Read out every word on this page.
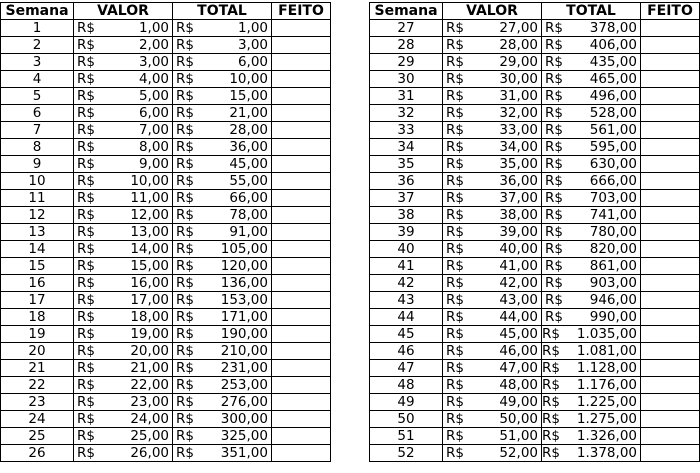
Semana	VALOR	TOTAL	FEITO
1	R$ 1,00	R$ 1,00	

2	R$ 2,00	R$ 3,00	

3	R$ 3,00	R$ 6,00	

4	R$ 4,00	R$ 10,00	

5	R$ 5,00	R$ 15,00	

6	R$ 6,00	R$ 21,00	

7	R$ 7,00	R$ 28,00	

8	R$ 8,00	R$ 36,00	

9	R$ 9,00	R$ 45,00	

10	R$ 10,00	R$ 55,00	

11	R$ 11,00	R$ 66,00	

12	R$ 12,00	R$ 78,00	

13	R$ 13,00	R$ 91,00	

14	R$ 14,00	R$ 105,00	

15	R$ 15,00	R$ 120,00	

16	R$ 16,00	R$ 136,00	

17	R$ 17,00	R$ 153,00	

18	R$ 18,00	R$ 171,00	

19	R$ 19,00	R$ 190,00	

20	R$ 20,00	R$ 210,00	

21	R$ 21,00	R$ 231,00	

22	R$ 22,00	R$ 253,00	

23	R$ 23,00	R$ 276,00	

24	R$ 24,00	R$ 300,00	

25	R$ 25,00	R$ 325,00	

26	R$ 26,00	R$ 351,00	

Semana	VALOR	TOTAL	FEITO
27	R$ 27,00	R$ 378,00	

28	R$ 28,00	R$ 406,00	

29	R$ 29,00	R$ 435,00	

30	R$ 30,00	R$ 465,00	

31	R$ 31,00	R$ 496,00	

32	R$ 32,00	R$ 528,00	

33	R$ 33,00	R$ 561,00	

34	R$ 34,00	R$ 595,00	

35	R$ 35,00	R$ 630,00	

36	R$ 36,00	R$ 666,00	

37	R$ 37,00	R$ 703,00	

38	R$ 38,00	R$ 741,00	

39	R$ 39,00	R$ 780,00	

40	R$ 40,00	R$ 820,00	

41	R$ 41,00	R$ 861,00	

42	R$ 42,00	R$ 903,00	

43	R$ 43,00	R$ 946,00	

44	R$ 44,00	R$ 990,00	

45	R$ 45,00	R$ 1.035,00	

46	R$ 46,00	R$ 1.081,00	

47	R$ 47,00	R$ 1.128,00	

48	R$ 48,00	R$ 1.176,00	

49	R$ 49,00	R$ 1.225,00	

50	R$ 50,00	R$ 1.275,00	

51	R$ 51,00	R$ 1.326,00	

52	R$ 52,00	R$ 1.378,00	
